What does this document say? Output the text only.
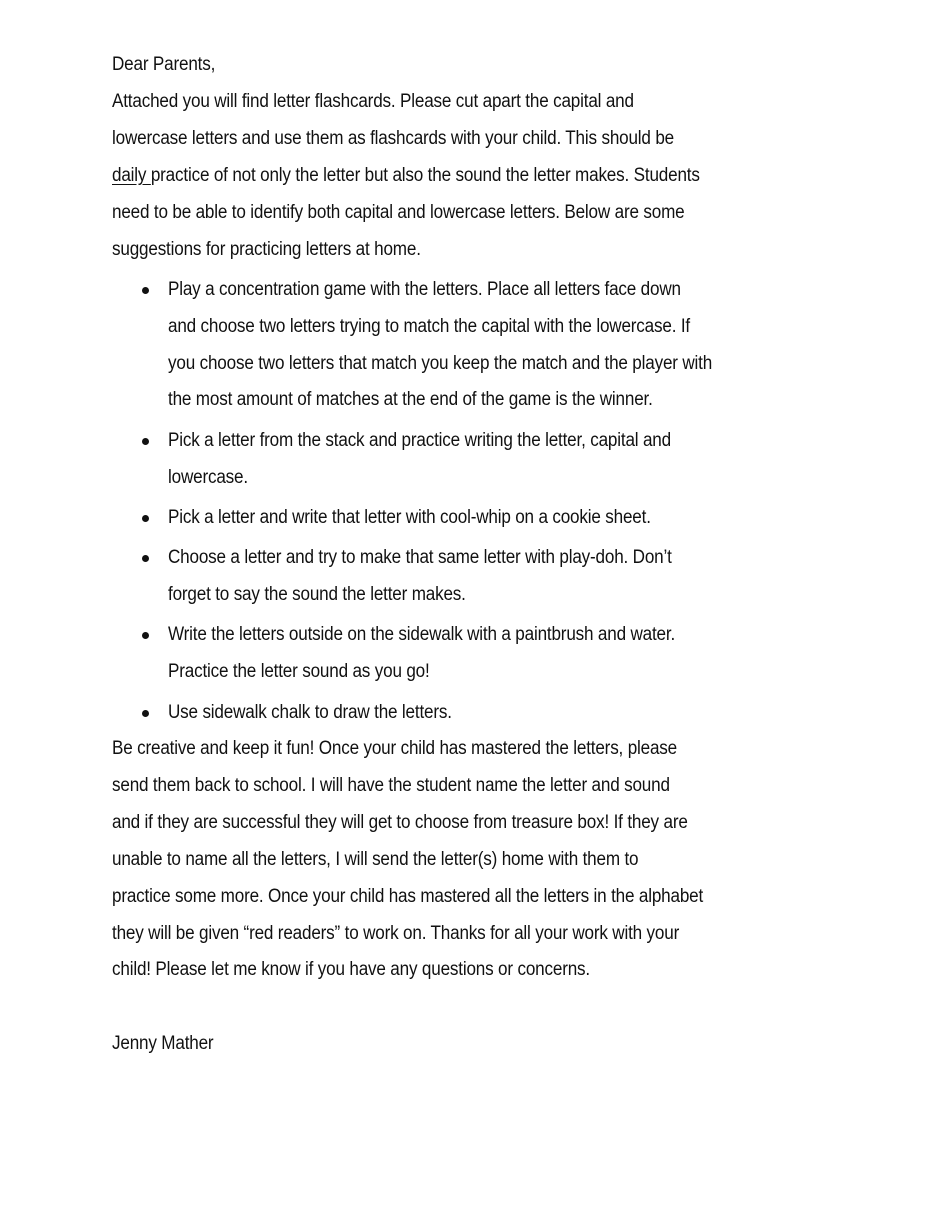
Dear Parents,
Attached you will find letter flashcards. Please cut apart the capital and
lowercase letters and use them as flashcards with your child. This should be
daily practice of not only the letter but also the sound the letter makes. Students
need to be able to identify both capital and lowercase letters. Below are some
suggestions for practicing letters at home.
Play a concentration game with the letters. Place all letters face down
and choose two letters trying to match the capital with the lowercase. If
you choose two letters that match you keep the match and the player with
the most amount of matches at the end of the game is the winner.
Pick a letter from the stack and practice writing the letter, capital and
lowercase.
Pick a letter and write that letter with cool-whip on a cookie sheet.
Choose a letter and try to make that same letter with play-doh. Don’t
forget to say the sound the letter makes.
Write the letters outside on the sidewalk with a paintbrush and water.
Practice the letter sound as you go!
Use sidewalk chalk to draw the letters.
Be creative and keep it fun! Once your child has mastered the letters, please
send them back to school. I will have the student name the letter and sound
and if they are successful they will get to choose from treasure box! If they are
unable to name all the letters, I will send the letter(s) home with them to
practice some more. Once your child has mastered all the letters in the alphabet
they will be given “red readers” to work on. Thanks for all your work with your
child! Please let me know if you have any questions or concerns.
Jenny Mather
